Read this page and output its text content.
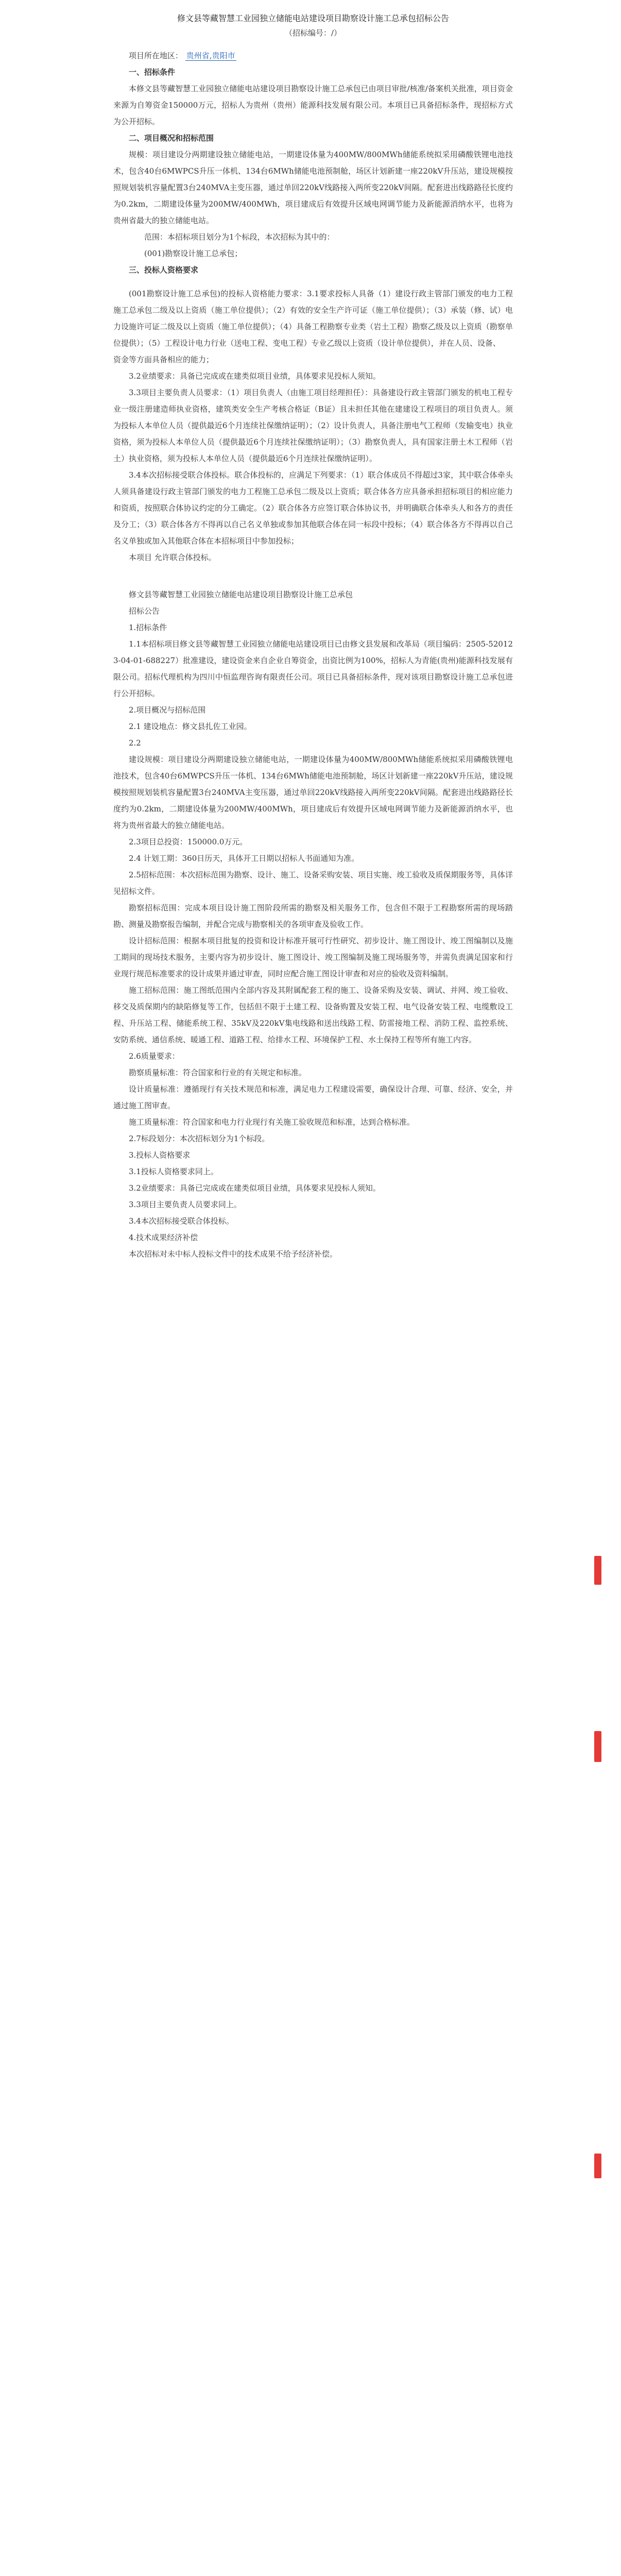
修文县等藏智慧工业园独立储能电站建设项目勘察设计施工总承包招标公告
（招标编号：/）
项目所在地区： 贵州省,贵阳市
一、招标条件
本修文县等藏智慧工业园独立储能电站建设项目勘察设计施工总承包已由项目审批/核准/备案机关批准，项目资金来源为自筹资金150000万元，招标人为贵州（贵州）能源科技发展有限公司。本项目已具备招标条件，现招标方式为公开招标。
二、项目概况和招标范围
规模：项目建设分两期建设独立储能电站，一期建设体量为400MW/800MWh储能系统拟采用磷酸铁锂电池技术，包含40台6MWPCS升压一体机、134台6MWh储能电池预制舱，场区计划新建一座220kV升压站，建设规模按照规划装机容量配置3台240MVA主变压器，通过单回220kV线路接入两所变220kV间隔。配套进出线路路径长度约为0.2km，二期建设体量为200MW/400MWh，项目建成后有效提升区域电网调节能力及新能源消纳水平，也将为贵州省最大的独立储能电站。
范围：本招标项目划分为1个标段，本次招标为其中的：
(001)勘察设计施工总承包；
三、投标人资格要求
(001勘察设计施工总承包)的投标人资格能力要求：3.1要求投标人具备（1）建设行政主管部门颁发的电力工程施工总承包二级及以上资质（施工单位提供）；（2）有效的安全生产许可证（施工单位提供）；（3）承装（修、试）电力设施许可证二级及以上资质（施工单位提供）；（4）具备工程勘察专业类（岩土工程）勘察乙级及以上资质（勘察单位提供）；（5）工程设计电力行业（送电工程、变电工程）专业乙级以上资质（设计单位提供），并在人员、设备、
资金等方面具备相应的能力；
3.2业绩要求：具备已完成或在建类似项目业绩，具体要求见投标人须知。
3.3项目主要负责人员要求：（1）项目负责人（由施工项目经理担任）：具备建设行政主管部门颁发的机电工程专业一级注册建造师执业资格，建筑类安全生产考核合格证（B证）且未担任其他在建建设工程项目的项目负责人。须为投标人本单位人员（提供最近6个月连续社保缴纳证明）；（2）设计负责人，具备注册电气工程师（发输变电）执业资格，须为投标人本单位人员（提供最近6个月连续社保缴纳证明）；（3）勘察负责人，具有国家注册土木工程师（岩土）执业资格，须为投标人本单位人员（提供最近6个月连续社保缴纳证明）。
3.4本次招标接受联合体投标。联合体投标的，应满足下列要求：（1）联合体成员不得超过3家，其中联合体牵头人须具备建设行政主管部门颁发的电力工程施工总承包二级及以上资质；联合体各方应具备承担招标项目的相应能力和资质，按照联合体协议约定的分工确定。（2）联合体各方应签订联合体协议书，并明确联合体牵头人和各方的责任及分工；（3）联合体各方不得再以自己名义单独或参加其他联合体在同一标段中投标；（4）联合体各方不得再以自己名义单独或加入其他联合体在本招标项目中参加投标；
本项目 允许联合体投标。
修文县等藏智慧工业园独立储能电站建设项目勘察设计施工总承包
招标公告
1.招标条件
1.1本招标项目修文县等藏智慧工业园独立储能电站建设项目已由修文县发展和改革局（项目编码：2505-520123-04-01-688227）批准建设，建设资金来自企业自筹资金，出资比例为100%，招标人为青能(贵州)能源科技发展有限公司。招标代理机构为四川中恒监理咨询有限责任公司。项目已具备招标条件，现对该项目勘察设计施工总承包进行公开招标。
2.项目概况与招标范围
2.1 建设地点：修文县扎佐工业园。
2.2
建设规模：项目建设分两期建设独立储能电站，一期建设体量为400MW/800MWh储能系统拟采用磷酸铁锂电池技术，包含40台6MWPCS升压一体机、134台6MWh储能电池预制舱，场区计划新建一座220kV升压站，建设规模按照规划装机容量配置3台240MVA主变压器，通过单回220kV线路接入两所变220kV间隔。配套进出线路路径长度约为0.2km，二期建设体量为200MW/400MWh，项目建成后有效提升区域电网调节能力及新能源消纳水平，也将为贵州省最大的独立储能电站。
2.3项目总投资：150000.0万元。
2.4 计划工期：360日历天，具体开工日期以招标人书面通知为准。
2.5招标范围：本次招标范围为勘察、设计、施工、设备采购安装、项目实施、竣工验收及质保期服务等，具体详见招标文件。
勘察招标范围：完成本项目设计施工图阶段所需的勘察及相关服务工作，包含但不限于工程勘察所需的现场踏勘、测量及勘察报告编制，并配合完成与勘察相关的各项审查及验收工作。
设计招标范围：根据本项目批复的投资和设计标准开展可行性研究、初步设计、施工图设计、竣工图编制以及施工期间的现场技术服务，主要内容为初步设计、施工图设计、竣工图编制及施工现场服务等，并需负责满足国家和行业现行规范标准要求的设计成果并通过审查，同时应配合施工图设计审查和对应的验收及资料编制。
施工招标范围：施工图纸范围内全部内容及其附属配套工程的施工、设备采购及安装、调试、并网、竣工验收、移交及质保期内的缺陷修复等工作，包括但不限于土建工程、设备购置及安装工程、电气设备安装工程、电缆敷设工程、升压站工程、储能系统工程、35kV及220kV集电线路和送出线路工程、防雷接地工程、消防工程、监控系统、安防系统、通信系统、暖通工程、道路工程、给排水工程、环境保护工程、水土保持工程等所有施工内容。
2.6质量要求：
勘察质量标准：符合国家和行业的有关规定和标准。
设计质量标准：遵循现行有关技术规范和标准，满足电力工程建设需要，确保设计合理、可靠、经济、安全，并通过施工图审查。
施工质量标准：符合国家和电力行业现行有关施工验收规范和标准，达到合格标准。
2.7标段划分：本次招标划分为1个标段。
3.投标人资格要求
3.1投标人资格要求同上。
3.2业绩要求：具备已完成或在建类似项目业绩，具体要求见投标人须知。
3.3项目主要负责人员要求同上。
3.4本次招标接受联合体投标。
4.技术成果经济补偿
本次招标对未中标人投标文件中的技术成果不给予经济补偿。
